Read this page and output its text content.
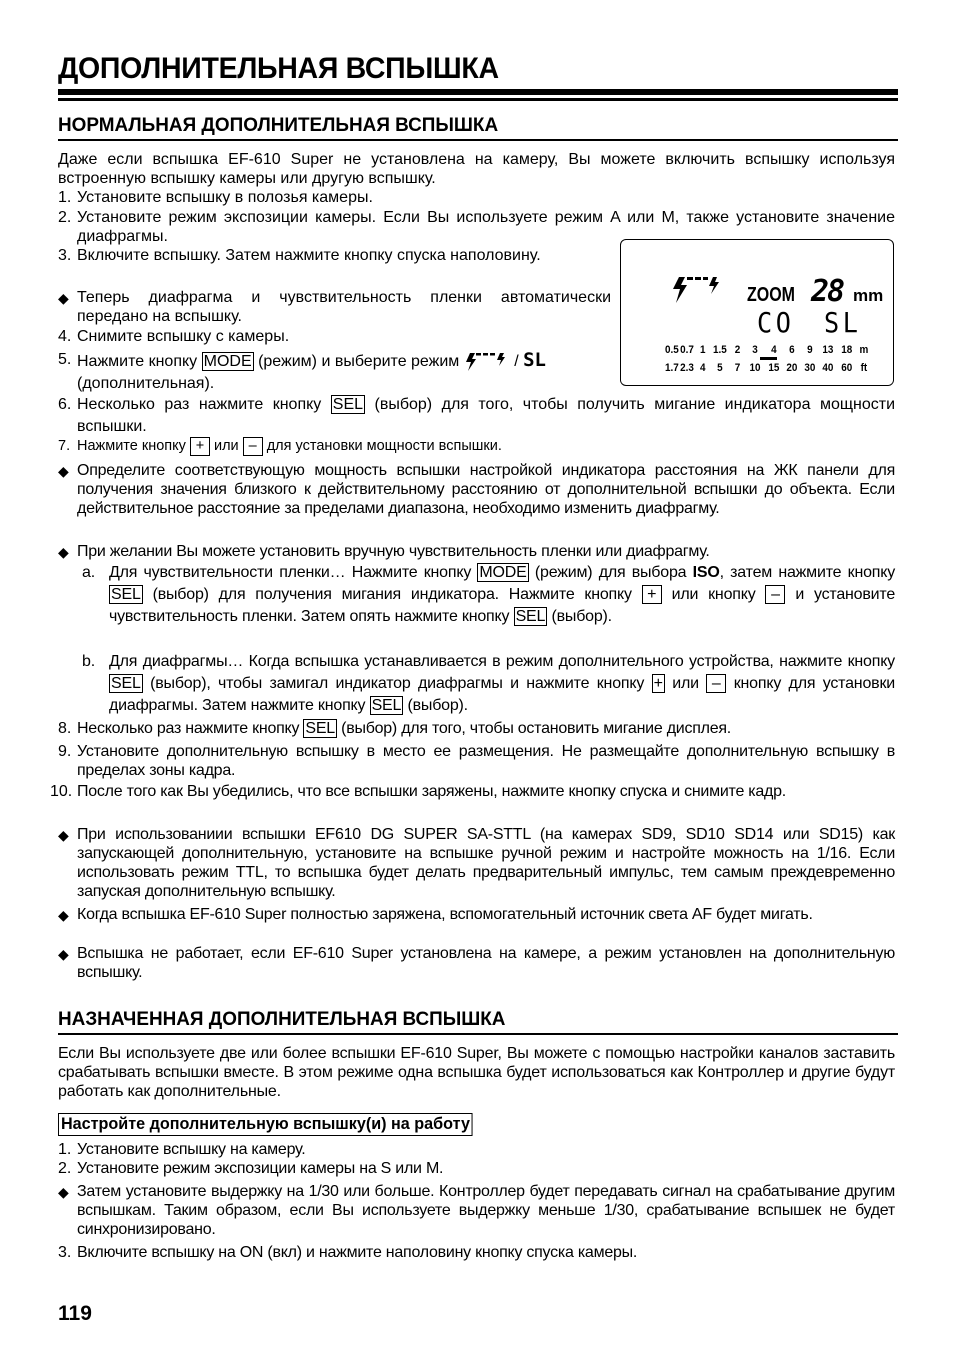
ДОПОЛНИТЕЛЬНАЯ ВСПЫШКА
НОРМАЛЬНАЯ ДОПОЛНИТЕЛЬНАЯ ВСПЫШКА
Даже если вспышка EF-610 Super не установлена на камеру, Вы можете включить вспышку используя встроенную вспышку камеры или другую вспышку.
1. Установите вспышку в полозья камеры.
2. Установите режим экспозиции камеры. Если Вы используете режим A или M, также установите значение диафрагмы.
3. Включите вспышку. Затем нажмите кнопку спуска наполовину.
◆ Теперь диафрагма и чувствительность пленки автоматически передано на вспышку.
4. Снимите вспышку с камеры.
5. Нажмите кнопку MODE (режим) и выберите режим	/ SL
(дополнительная).
ZOOM 28 mm
CO SL
0.50.7 1 1.5 2 3 4 6 9 13 18 m
1.72.3 4 5 7 10 15 20 30 40 60 ft
6. Несколько раз нажмите кнопку SEL (выбор) для того, чтобы получить мигание индикатора мощности вспышки.
7. Нажмите кнопку + или – для установки мощности вспышки.
◆ Определите соответствующую мощность вспышки настройкой индикатора расстояния на ЖК панели для получения значения близкого к действительному расстоянию от дополнительной вспышки до объекта. Если действительное расстояние за пределами диапазона, необходимо изменить диафрагму.
◆ При желании Вы можете установить вручную чувствительность пленки или диафрагму.
a. Для чувствительности пленки… Нажмите кнопку MODE (режим) для выбора ISO, затем нажмите кнопку SEL (выбор) для получения мигания индикатора. Нажмите кнопку + или кнопку – и установите чувствительность пленки. Затем опять нажмите кнопку SEL (выбор).
b. Для диафрагмы… Когда вспышка устанавливается в режим дополнительного устройства, нажмите кнопку SEL (выбор), чтобы замигал индикатор диафрагмы и нажмите кнопку + или – кнопку для установки диафрагмы. Затем нажмите кнопку SEL (выбор).
8. Несколько раз нажмите кнопку SEL (выбор) для того, чтобы остановить мигание дисплея.
9. Установите дополнительную вспышку в место ее размещения. Не размещайте дополнительную вспышку в пределах зоны кадра.
10. После того как Вы убедились, что все вспышки заряжены, нажмите кнопку спуска и снимите кадр.
◆ При использованиии вспышки EF610 DG SUPER SA-STTL (на камерах SD9, SD10 SD14 или SD15) как запускающей дополнительную, установите на вспышке ручной режим и настройте можность на 1/16. Если использовать режим TTL, то вспышка будет делать предварительный импульс, тем самым преждевременно запуская дополнительную вспышку.
◆ Когда вспышка EF-610 Super полностью заряжена, вспомогательный источник света AF будет мигать.
◆ Вспышка не работает, если EF-610 Super установлена на камере, а режим установлен на дополнительную вспышку.
НАЗНАЧЕННАЯ ДОПОЛНИТЕЛЬНАЯ ВСПЫШКА
Если Вы используете две или более вспышки EF-610 Super, Вы можете с помощью настройки каналов заставить срабатывать вспышки вместе. В этом режиме одна вспышка будет использоваться как Контроллер и другие будут работать как дополнительные.
Настройте дополнительную вспышку(и) на работу
1. Установите вспышку на камеру.
2. Установите режим экспозиции камеры на S или M.
◆ Затем установите выдержку на 1/30 или больше. Контроллер будет передавать сигнал на срабатывание другим вспышкам. Таким образом, если Вы используете выдержку меньше 1/30, срабатывание вспышек не будет синхронизировано.
3. Включите вспышку на ON (вкл) и нажмите наполовину кнопку спуска камеры.
119
